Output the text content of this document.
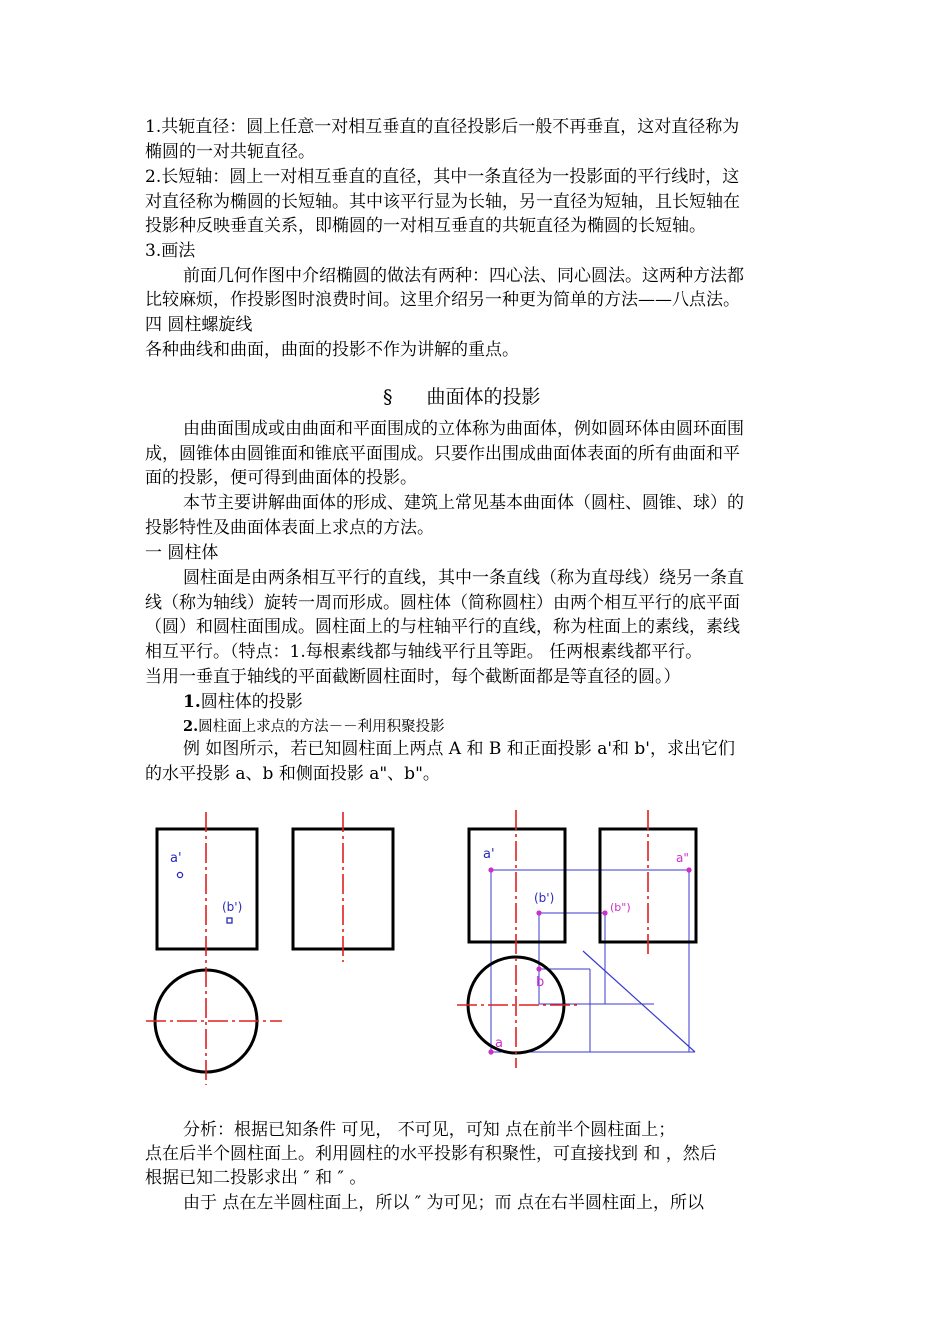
1.共轭直径：圆上任意一对相互垂直的直径投影后一般不再垂直，这对直径称为
椭圆的一对共轭直径。
2.长短轴：圆上一对相互垂直的直径，其中一条直径为一投影面的平行线时，这
对直径称为椭圆的长短轴。其中该平行显为长轴，另一直径为短轴，且长短轴在
投影种反映垂直关系，即椭圆的一对相互垂直的共轭直径为椭圆的长短轴。
3.画法
前面几何作图中介绍椭圆的做法有两种：四心法、同心圆法。这两种方法都
比较麻烦，作投影图时浪费时间。这里介绍另一种更为简单的方法——八点法。
四 圆柱螺旋线
各种曲线和曲面，曲面的投影不作为讲解的重点。
§ 曲面体的投影
由曲面围成或由曲面和平面围成的立体称为曲面体，例如圆环体由圆环面围
成，圆锥体由圆锥面和锥底平面围成。只要作出围成曲面体表面的所有曲面和平
面的投影，便可得到曲面体的投影。
本节主要讲解曲面体的形成、建筑上常见基本曲面体（圆柱、圆锥、球）的
投影特性及曲面体表面上求点的方法。
一 圆柱体
圆柱面是由两条相互平行的直线，其中一条直线（称为直母线）绕另一条直
线（称为轴线）旋转一周而形成。圆柱体（简称圆柱）由两个相互平行的底平面
（圆）和圆柱面围成。圆柱面上的与柱轴平行的直线，称为柱面上的素线，素线
相互平行。（特点：1.每根素线都与轴线平行且等距。 任两根素线都平行。
当用一垂直于轴线的平面截断圆柱面时，每个截断面都是等直径的圆。）
1.圆柱体的投影
2.圆柱面上求点的方法－－利用积聚投影
例 如图所示，若已知圆柱面上两点 A 和 B 和正面投影 a'和 b'，求出它们
的水平投影 a、b 和侧面投影 a"、b"。
a'
(b')
a'
(b')
(b")
a"
b
a
分析：根据已知条件 可见， 不可见，可知 点在前半个圆柱面上；
点在后半个圆柱面上。利用圆柱的水平投影有积聚性，可直接找到 和 ，然后
根据已知二投影求出 ″ 和 ″ 。
由于 点在左半圆柱面上，所以 ″ 为可见；而 点在右半圆柱面上，所以
